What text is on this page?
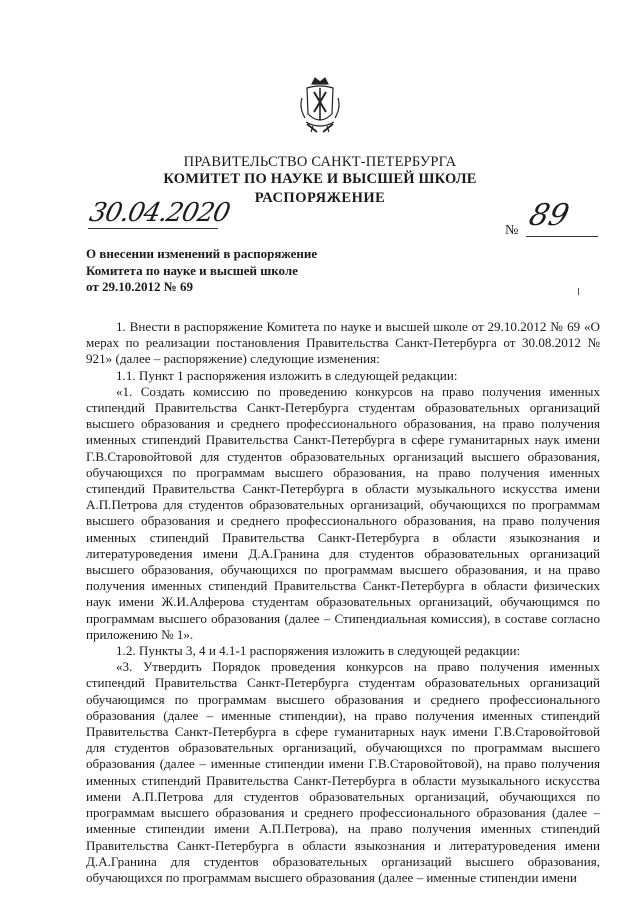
ПРАВИТЕЛЬСТВО САНКТ-ПЕТЕРБУРГА
КОМИТЕТ ПО НАУКЕ И ВЫСШЕЙ ШКОЛЕ
РАСПОРЯЖЕНИЕ
30.04.2020
№ 89
О внесении изменений в распоряжение
Комитета по науке и высшей школе
от 29.10.2012 № 69

1. Внести в распоряжение Комитета по науке и высшей школе от 29.10.2012 № 69 «О мерах по реализации постановления Правительства Санкт-Петербурга от 30.08.2012 № 921» (далее – распоряжение) следующие изменения:

1.1. Пункт 1 распоряжения изложить в следующей редакции:

«1. Создать комиссию по проведению конкурсов на право получения именных стипендий Правительства Санкт-Петербурга студентам образовательных организаций высшего образования и среднего профессионального образования, на право получения именных стипендий Правительства Санкт-Петербурга в сфере гуманитарных наук имени Г.В.Старовойтовой для студентов образовательных организаций высшего образования, обучающихся по программам высшего образования, на право получения именных стипендий Правительства Санкт-Петербурга в области музыкального искусства имени А.П.Петрова для студентов образовательных организаций, обучающихся по программам высшего образования и среднего профессионального образования, на право получения именных стипендий Правительства Санкт-Петербурга в области языкознания и литературоведения имени Д.А.Гранина для студентов образовательных организаций высшего образования, обучающихся по программам высшего образования, и на право получения именных стипендий Правительства Санкт-Петербурга в области физических наук имени Ж.И.Алферова студентам образовательных организаций, обучающимся по программам высшего образования (далее – Стипендиальная комиссия), в составе согласно приложению № 1».

1.2. Пункты 3, 4 и 4.1-1 распоряжения изложить в следующей редакции:

«3. Утвердить Порядок проведения конкурсов на право получения именных стипендий Правительства Санкт-Петербурга студентам образовательных организаций обучающимся по программам высшего образования и среднего профессионального образования (далее – именные стипендии), на право получения именных стипендий Правительства Санкт-Петербурга в сфере гуманитарных наук имени Г.В.Старовойтовой для студентов образовательных организаций, обучающихся по программам высшего образования (далее – именные стипендии имени Г.В.Старовойтовой), на право получения именных стипендий Правительства Санкт-Петербурга в области музыкального искусства имени А.П.Петрова для студентов образовательных организаций, обучающихся по программам высшего образования и среднего профессионального образования (далее – именные стипендии имени А.П.Петрова), на право получения именных стипендий Правительства Санкт-Петербурга в области языкознания и литературоведения имени Д.А.Гранина для студентов образовательных организаций высшего образования, обучающихся по программам высшего образования (далее – именные стипендии имени
